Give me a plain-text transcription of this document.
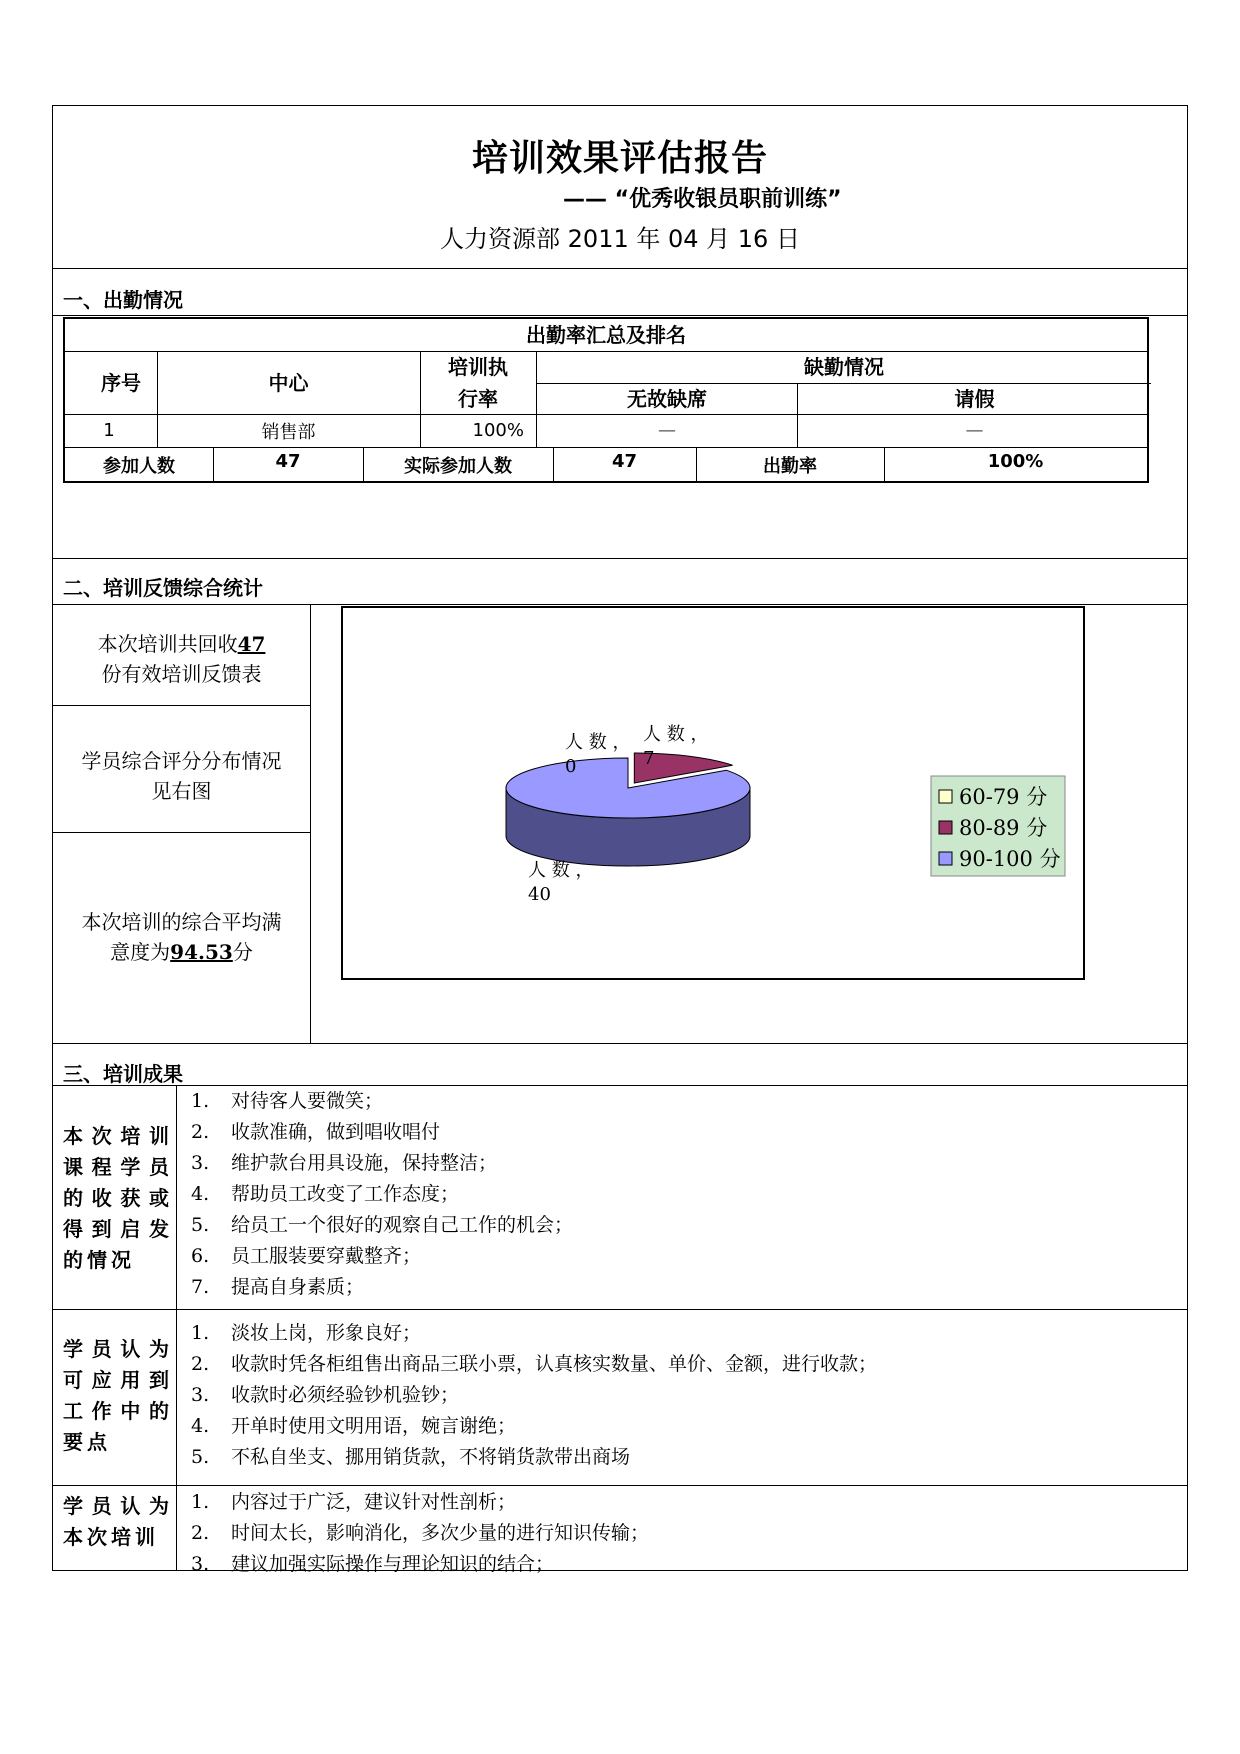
培训效果评估报告
—— “优秀收银员职前训练”
人力资源部 2011 年 04 月 16 日
一、出勤情况
出勤率汇总及排名
序号	中心
培训执行率
缺勤情况
无故缺席	请假
1	销售部	100%	—	—
参加人数	47	实际参加人数	47	出勤率	100%
二、培训反馈综合统计
本次培训共回收47
份有效培训反馈表
学员综合评分分布情况
见右图
本次培训的综合平均满
意度为94.53分
人 数 ， 0
人 数 ， 7
人 数 ， 40
60-79 分
80-89 分
90-100 分
三、培训成果
本次培训课程学员的收获或得到启发的情况
1. 对待客人要微笑；
2. 收款准确，做到唱收唱付
3. 维护款台用具设施，保持整洁；
4. 帮助员工改变了工作态度；
5. 给员工一个很好的观察自己工作的机会；
6. 员工服装要穿戴整齐；
7. 提高自身素质；
学员认为可应用到工作中的要点
1. 淡妆上岗，形象良好；
2. 收款时凭各柜组售出商品三联小票，认真核实数量、单价、金额，进行收款；
3. 收款时必须经验钞机验钞；
4. 开单时使用文明用语，婉言谢绝；
5. 不私自坐支、挪用销货款，不将销货款带出商场
学员认为本次培训
1. 内容过于广泛，建议针对性剖析；
2. 时间太长，影响消化，多次少量的进行知识传输；
3. 建议加强实际操作与理论知识的结合；
